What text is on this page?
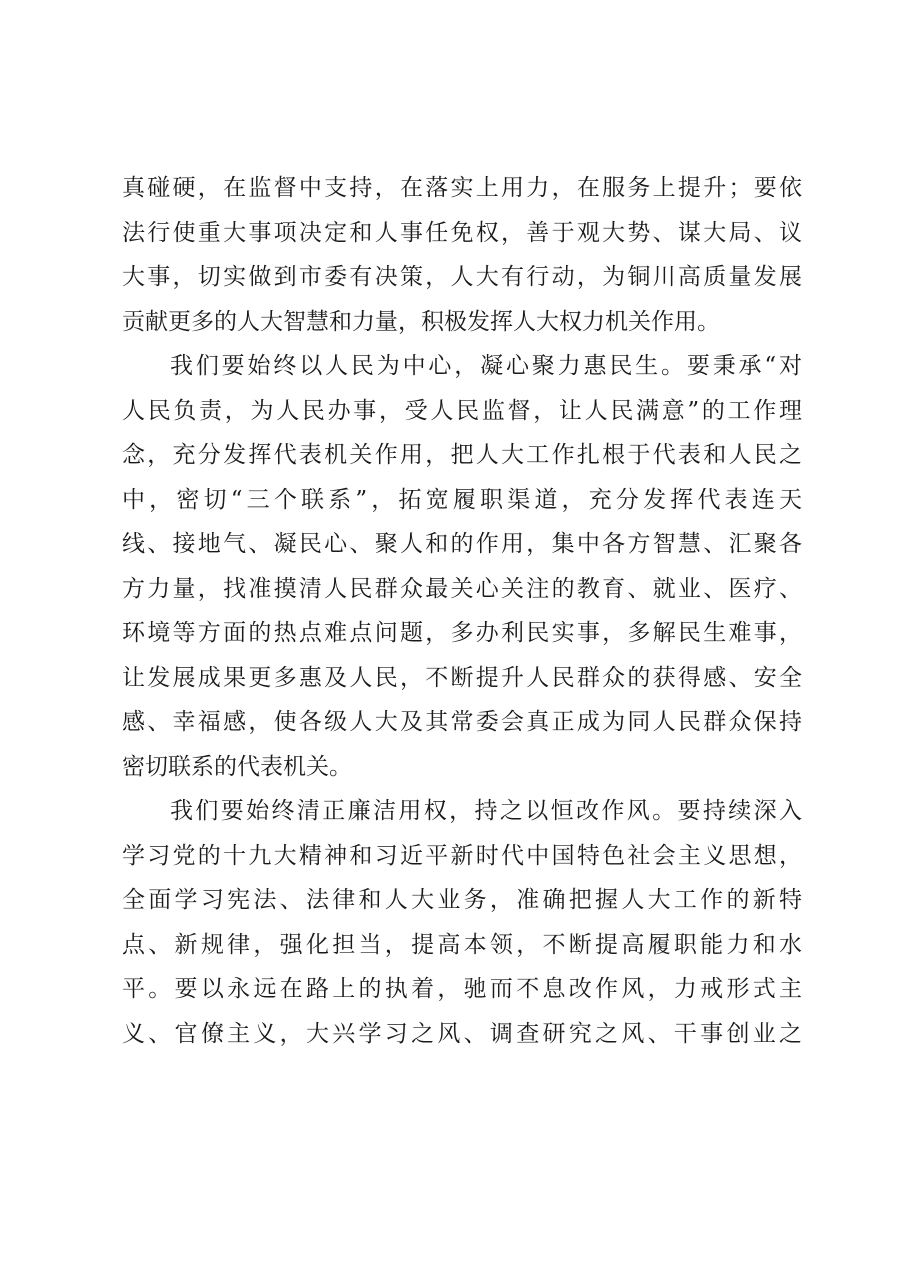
真碰硬，在监督中支持，在落实上用力，在服务上提升；要依
法行使重大事项决定和人事任免权，善于观大势、谋大局、议
大事，切实做到市委有决策，人大有行动，为铜川高质量发展
贡献更多的人大智慧和力量，积极发挥人大权力机关作用。
我们要始终以人民为中心，凝心聚力惠民生。要秉承“对
人民负责，为人民办事，受人民监督，让人民满意”的工作理
念，充分发挥代表机关作用，把人大工作扎根于代表和人民之
中，密切“三个联系”，拓宽履职渠道，充分发挥代表连天
线、接地气、凝民心、聚人和的作用，集中各方智慧、汇聚各
方力量，找准摸清人民群众最关心关注的教育、就业、医疗、
环境等方面的热点难点问题，多办利民实事，多解民生难事，
让发展成果更多惠及人民，不断提升人民群众的获得感、安全
感、幸福感，使各级人大及其常委会真正成为同人民群众保持
密切联系的代表机关。
我们要始终清正廉洁用权，持之以恒改作风。要持续深入
学习党的十九大精神和习近平新时代中国特色社会主义思想，
全面学习宪法、法律和人大业务，准确把握人大工作的新特
点、新规律，强化担当，提高本领，不断提高履职能力和水
平。要以永远在路上的执着，驰而不息改作风，力戒形式主
义、官僚主义，大兴学习之风、调查研究之风、干事创业之
